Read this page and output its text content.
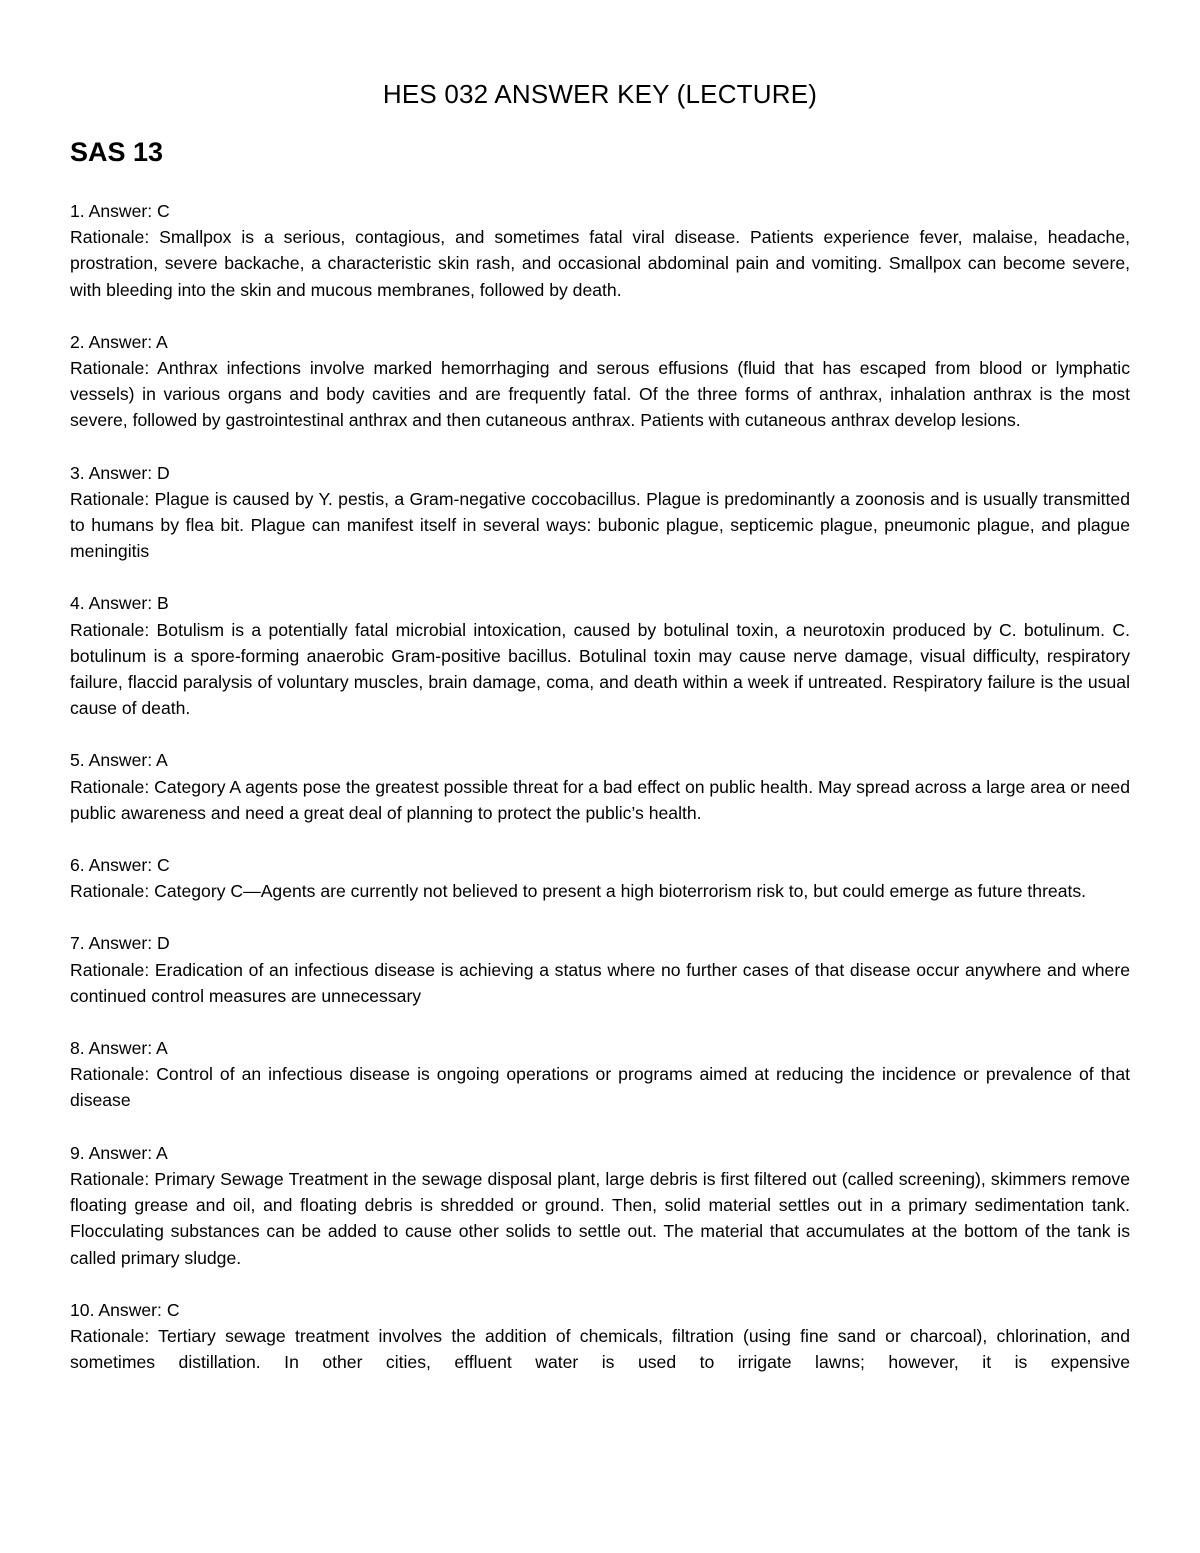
HES 032 ANSWER KEY (LECTURE)
SAS 13

1. Answer: C

Rationale: Smallpox is a serious, contagious, and sometimes fatal viral disease. Patients experience fever, malaise, headache, prostration, severe backache, a characteristic skin rash, and occasional abdominal pain and vomiting. Smallpox can become severe, with bleeding into the skin and mucous membranes, followed by death.

2. Answer: A

Rationale: Anthrax infections involve marked hemorrhaging and serous effusions (fluid that has escaped from blood or lymphatic vessels) in various organs and body cavities and are frequently fatal. Of the three forms of anthrax, inhalation anthrax is the most severe, followed by gastrointestinal anthrax and then cutaneous anthrax. Patients with cutaneous anthrax develop lesions.

3. Answer: D

Rationale: Plague is caused by Y. pestis, a Gram-negative coccobacillus. Plague is predominantly a zoonosis and is usually transmitted to humans by flea bit. Plague can manifest itself in several ways: bubonic plague, septicemic plague, pneumonic plague, and plague meningitis

4. Answer: B

Rationale: Botulism is a potentially fatal microbial intoxication, caused by botulinal toxin, a neurotoxin produced by C. botulinum. C. botulinum is a spore-forming anaerobic Gram-positive bacillus. Botulinal toxin may cause nerve damage, visual difficulty, respiratory failure, flaccid paralysis of voluntary muscles, brain damage, coma, and death within a week if untreated. Respiratory failure is the usual cause of death.

5. Answer: A

Rationale: Category A agents pose the greatest possible threat for a bad effect on public health. May spread across a large area or need public awareness and need a great deal of planning to protect the public’s health.

6. Answer: C

Rationale: Category C—Agents are currently not believed to present a high bioterrorism risk to, but could emerge as future threats.

7. Answer: D

Rationale: Eradication of an infectious disease is achieving a status where no further cases of that disease occur anywhere and where continued control measures are unnecessary

8. Answer: A

Rationale: Control of an infectious disease is ongoing operations or programs aimed at reducing the incidence or prevalence of that disease

9. Answer: A

Rationale: Primary Sewage Treatment in the sewage disposal plant, large debris is first filtered out (called screening), skimmers remove floating grease and oil, and floating debris is shredded or ground. Then, solid material settles out in a primary sedimentation tank. Flocculating substances can be added to cause other solids to settle out. The material that accumulates at the bottom of the tank is called primary sludge.

10. Answer: C

Rationale: Tertiary sewage treatment involves the addition of chemicals, filtration (using fine sand or charcoal), chlorination, and sometimes distillation. In other cities, effluent water is used to irrigate lawns; however, it is expensive
